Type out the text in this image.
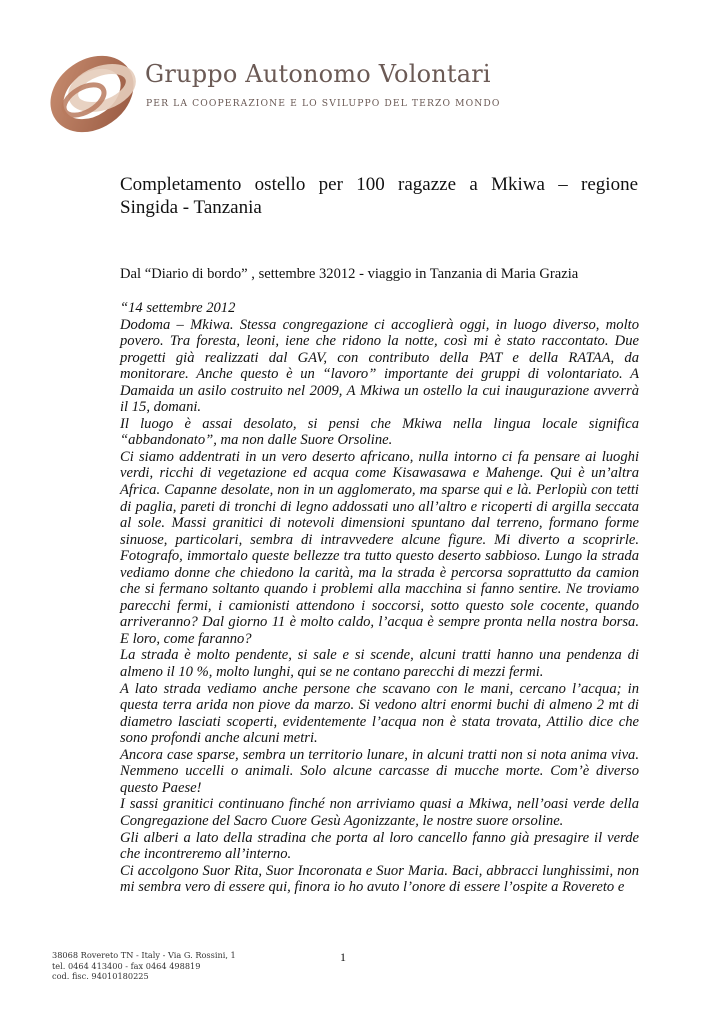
Gruppo Autonomo Volontari
PER LA COOPERAZIONE E LO SVILUPPO DEL TERZO MONDO
Completamento ostello per 100 ragazze a Mkiwa – regione
Singida - Tanzania
Dal “Diario di bordo” , settembre 32012 - viaggio in Tanzania di Maria Grazia
“14 settembre 2012
Dodoma – Mkiwa. Stessa congregazione ci accoglierà oggi, in luogo diverso, molto
povero. Tra foresta, leoni, iene che ridono la notte, così mi è stato raccontato. Due
progetti già realizzati dal GAV, con contributo della PAT e della RATAA, da
monitorare. Anche questo è un “lavoro” importante dei gruppi di volontariato. A
Damaida un asilo costruito nel 2009, A Mkiwa un ostello la cui inaugurazione avverrà
il 15, domani.
Il luogo è assai desolato, si pensi che Mkiwa nella lingua locale significa
“abbandonato”, ma non dalle Suore Orsoline.
Ci siamo addentrati in un vero deserto africano, nulla intorno ci fa pensare ai luoghi
verdi, ricchi di vegetazione ed acqua come Kisawasawa e Mahenge. Qui è un’altra
Africa. Capanne desolate, non in un agglomerato, ma sparse qui e là. Perlopiù con tetti
di paglia, pareti di tronchi di legno addossati uno all’altro e ricoperti di argilla seccata
al sole. Massi granitici di notevoli dimensioni spuntano dal terreno, formano forme
sinuose, particolari, sembra di intravvedere alcune figure. Mi diverto a scoprirle.
Fotografo, immortalo queste bellezze tra tutto questo deserto sabbioso. Lungo la strada
vediamo donne che chiedono la carità, ma la strada è percorsa soprattutto da camion
che si fermano soltanto quando i problemi alla macchina si fanno sentire. Ne troviamo
parecchi fermi, i camionisti attendono i soccorsi, sotto questo sole cocente, quando
arriveranno? Dal giorno 11 è molto caldo, l’acqua è sempre pronta nella nostra borsa.
E loro, come faranno?
La strada è molto pendente, si sale e si scende, alcuni tratti hanno una pendenza di
almeno il 10 %, molto lunghi, qui se ne contano parecchi di mezzi fermi.
A lato strada vediamo anche persone che scavano con le mani, cercano l’acqua; in
questa terra arida non piove da marzo. Si vedono altri enormi buchi di almeno 2 mt di
diametro lasciati scoperti, evidentemente l’acqua non è stata trovata, Attilio dice che
sono profondi anche alcuni metri.
Ancora case sparse, sembra un territorio lunare, in alcuni tratti non si nota anima viva.
Nemmeno uccelli o animali. Solo alcune carcasse di mucche morte. Com’è diverso
questo Paese!
I sassi granitici continuano finché non arriviamo quasi a Mkiwa, nell’oasi verde della
Congregazione del Sacro Cuore Gesù Agonizzante, le nostre suore orsoline.
Gli alberi a lato della stradina che porta al loro cancello fanno già presagire il verde
che incontreremo all’interno.
Ci accolgono Suor Rita, Suor Incoronata e Suor Maria. Baci, abbracci lunghissimi, non
mi sembra vero di essere qui, finora io ho avuto l’onore di essere l’ospite a Rovereto e
38068 Rovereto TN - Italy - Via G. Rossini, 1
tel. 0464 413400 - fax 0464 498819
cod. fisc. 94010180225
1
